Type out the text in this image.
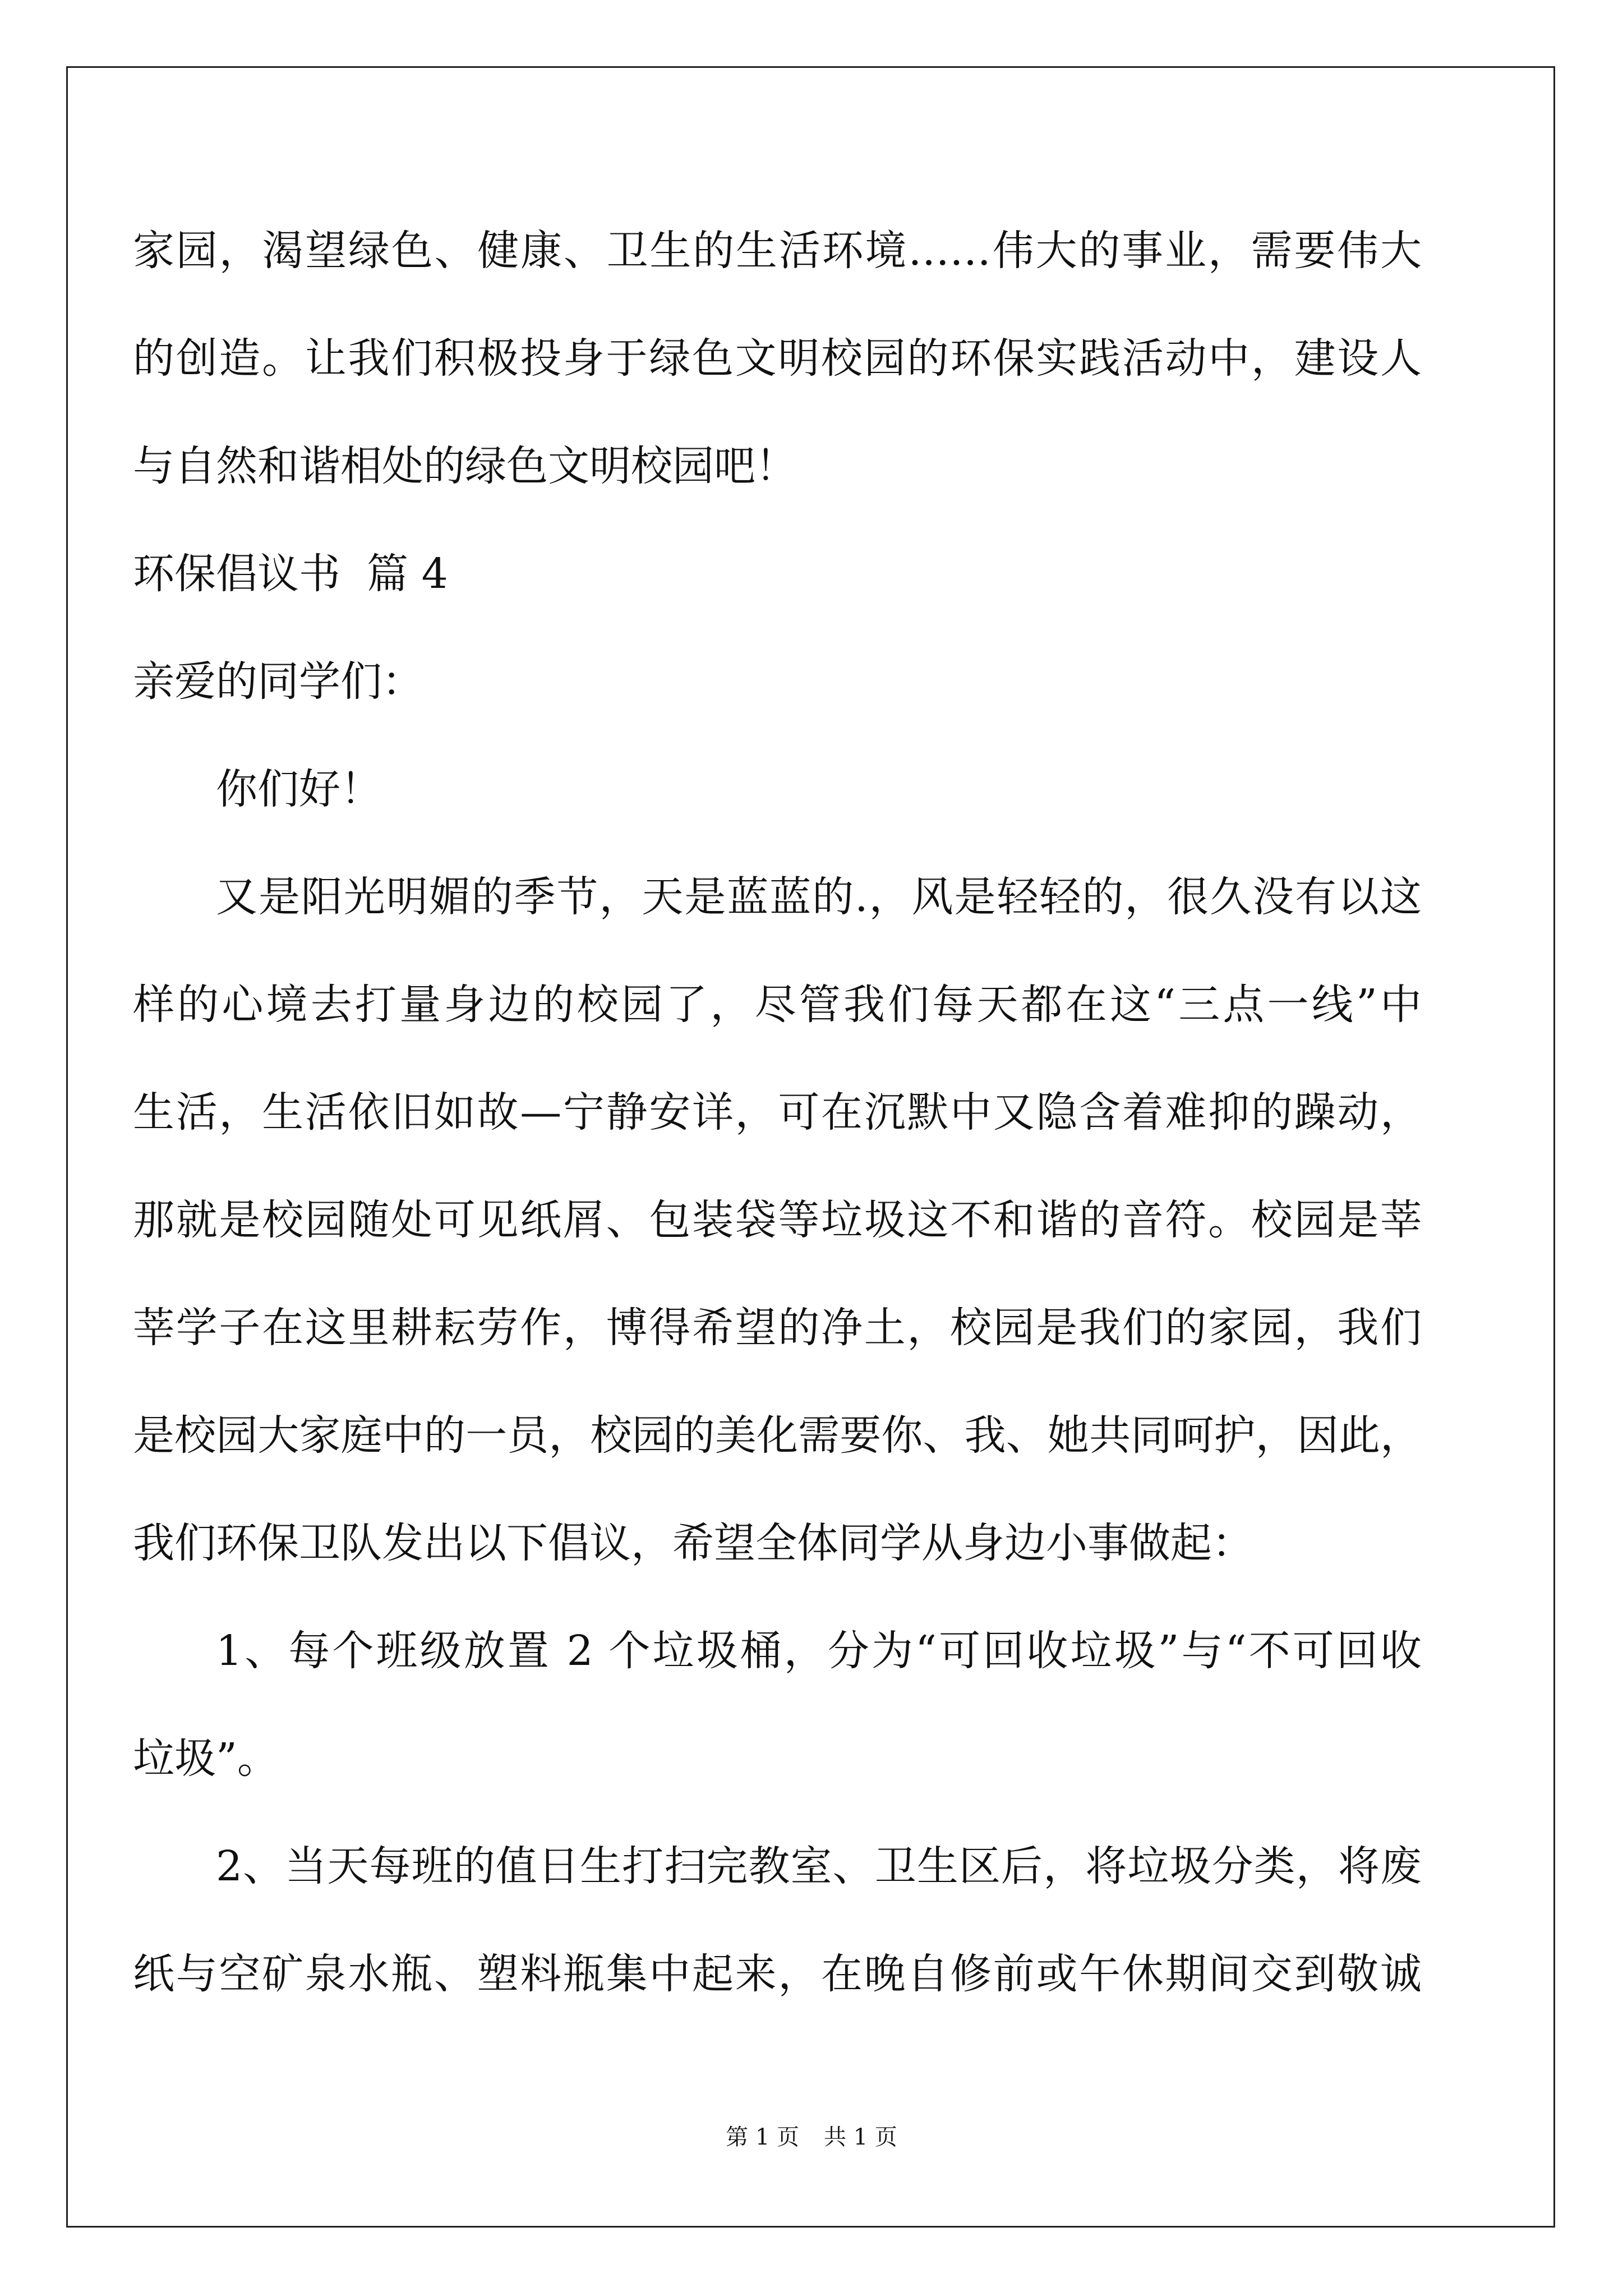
家园，渴望绿色、健康、卫生的生活环境……伟大的事业，需要伟大
的创造。让我们积极投身于绿色文明校园的环保实践活动中，建设人
与自然和谐相处的绿色文明校园吧！
环保倡议书  篇 4
亲爱的同学们：
你们好！
又是阳光明媚的季节，天是蓝蓝的.，风是轻轻的，很久没有以这
样的心境去打量身边的校园了，尽管我们每天都在这“三点一线”中
生活，生活依旧如故—宁静安详，可在沉默中又隐含着难抑的躁动，
那就是校园随处可见纸屑、包装袋等垃圾这不和谐的音符。校园是莘
莘学子在这里耕耘劳作，博得希望的净土，校园是我们的家园，我们
是校园大家庭中的一员，校园的美化需要你、我、她共同呵护，因此，
我们环保卫队发出以下倡议，希望全体同学从身边小事做起：
1、每个班级放置 2 个垃圾桶，分为“可回收垃圾”与“不可回收
垃圾”。
2、当天每班的值日生打扫完教室、卫生区后，将垃圾分类，将废
纸与空矿泉水瓶、塑料瓶集中起来，在晚自修前或午休期间交到敬诚
第 1 页 共 1 页
